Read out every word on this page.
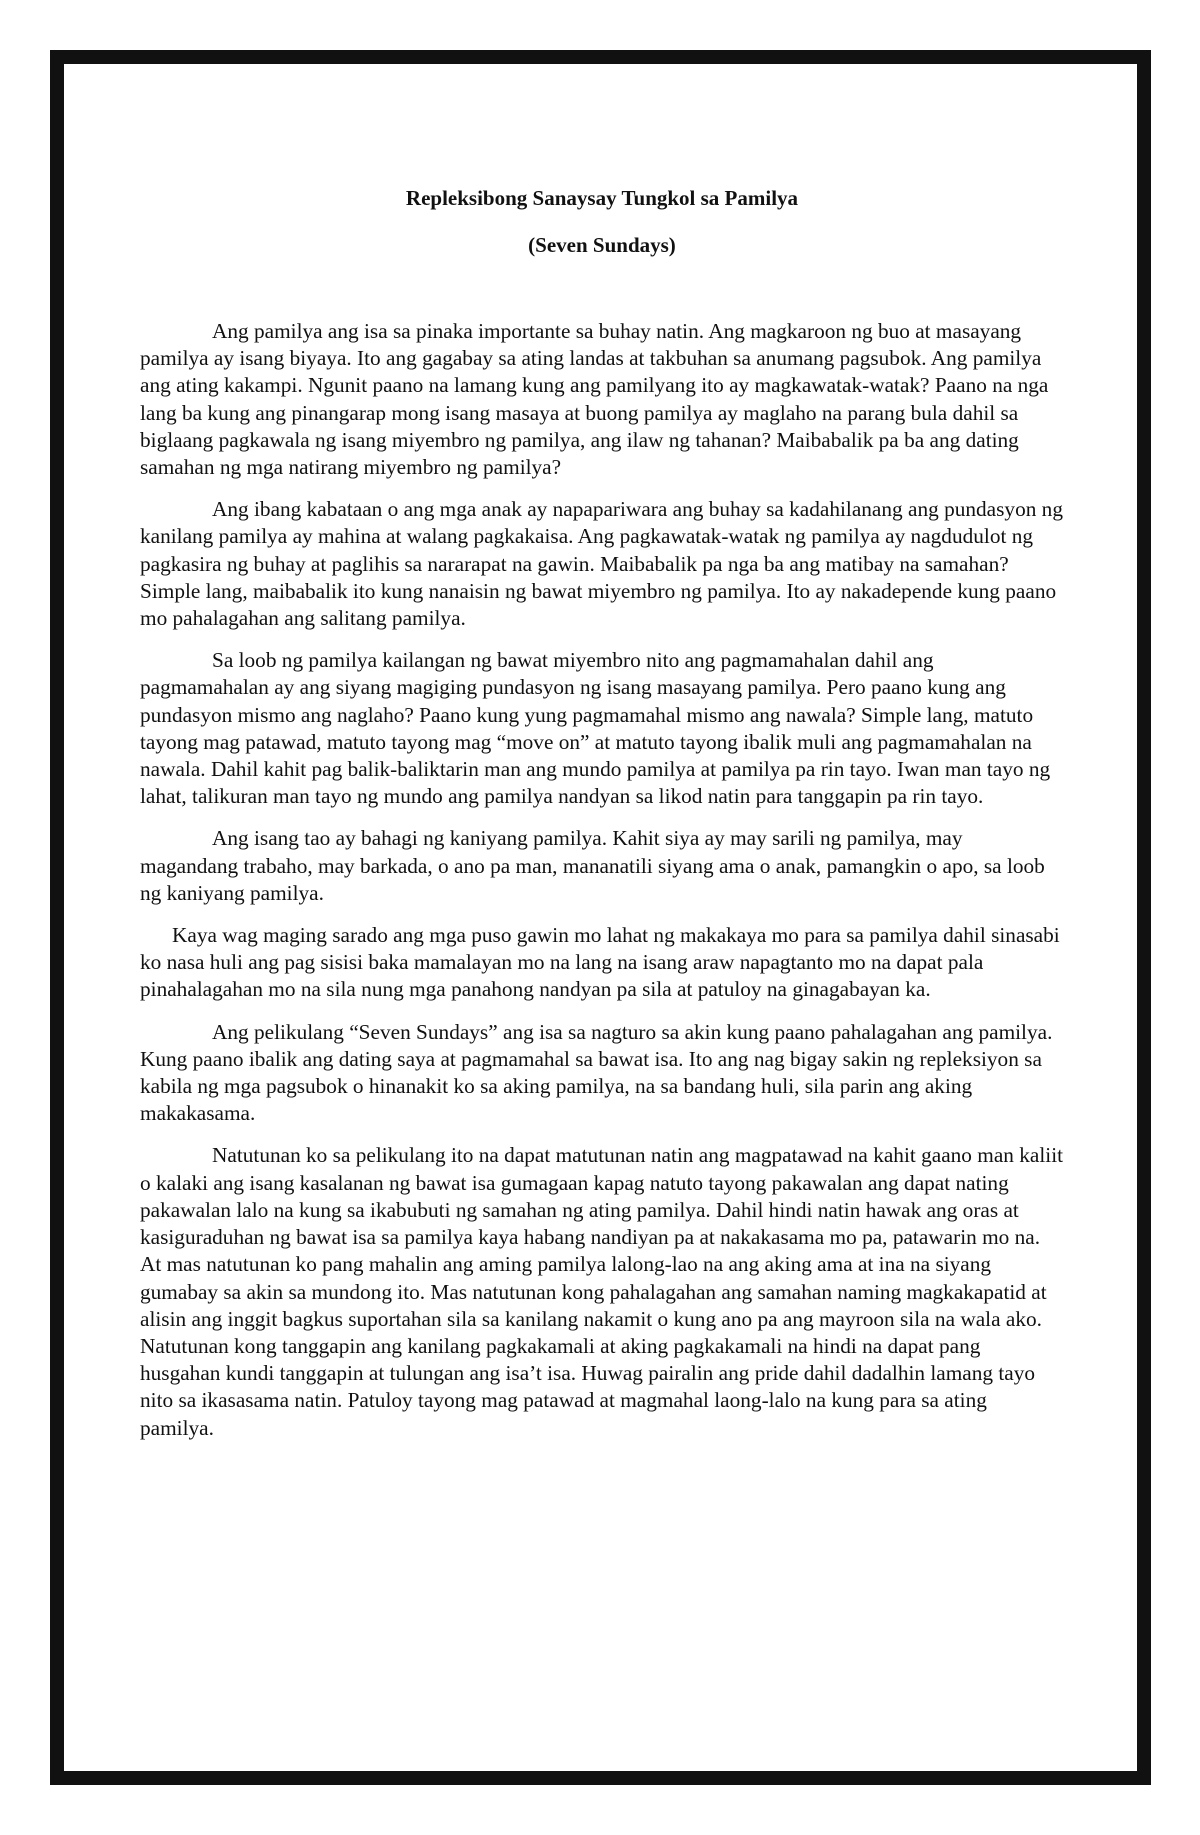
Repleksibong Sanaysay Tungkol sa Pamilya

(Seven Sundays)

Ang pamilya ang isa sa pinaka importante sa buhay natin. Ang magkaroon ng buo at masayang pamilya ay isang biyaya. Ito ang gagabay sa ating landas at takbuhan sa anumang pagsubok. Ang pamilya ang ating kakampi. Ngunit paano na lamang kung ang pamilyang ito ay magkawatak-watak? Paano na nga lang ba kung ang pinangarap mong isang masaya at buong pamilya ay maglaho na parang bula dahil sa biglaang pagkawala ng isang miyembro ng pamilya, ang ilaw ng tahanan? Maibabalik pa ba ang dating samahan ng mga natirang miyembro ng pamilya?

Ang ibang kabataan o ang mga anak ay napapariwara ang buhay sa kadahilanang ang pundasyon ng kanilang pamilya ay mahina at walang pagkakaisa. Ang pagkawatak-watak ng pamilya ay nagdudulot ng pagkasira ng buhay at paglihis sa nararapat na gawin. Maibabalik pa nga ba ang matibay na samahan? Simple lang, maibabalik ito kung nanaisin ng bawat miyembro ng pamilya. Ito ay nakadepende kung paano mo pahalagahan ang salitang pamilya.

Sa loob ng pamilya kailangan ng bawat miyembro nito ang pagmamahalan dahil ang pagmamahalan ay ang siyang magiging pundasyon ng isang masayang pamilya. Pero paano kung ang pundasyon mismo ang naglaho? Paano kung yung pagmamahal mismo ang nawala? Simple lang, matuto tayong mag patawad, matuto tayong mag “move on” at matuto tayong ibalik muli ang pagmamahalan na nawala. Dahil kahit pag balik-baliktarin man ang mundo pamilya at pamilya pa rin tayo. Iwan man tayo ng lahat, talikuran man tayo ng mundo ang pamilya nandyan sa likod natin para tanggapin pa rin tayo.

Ang isang tao ay bahagi ng kaniyang pamilya. Kahit siya ay may sarili ng pamilya, may magandang trabaho, may barkada, o ano pa man, mananatili siyang ama o anak, pamangkin o apo, sa loob ng kaniyang pamilya.

Kaya wag maging sarado ang mga puso gawin mo lahat ng makakaya mo para sa pamilya dahil sinasabi ko nasa huli ang pag sisisi baka mamalayan mo na lang na isang araw napagtanto mo na dapat pala pinahalagahan mo na sila nung mga panahong nandyan pa sila at patuloy na ginagabayan ka.

Ang pelikulang “Seven Sundays” ang isa sa nagturo sa akin kung paano pahalagahan ang pamilya. Kung paano ibalik ang dating saya at pagmamahal sa bawat isa. Ito ang nag bigay sakin ng repleksiyon sa kabila ng mga pagsubok o hinanakit ko sa aking pamilya, na sa bandang huli, sila parin ang aking makakasama.

Natutunan ko sa pelikulang ito na dapat matutunan natin ang magpatawad na kahit gaano man kaliit o kalaki ang isang kasalanan ng bawat isa gumagaan kapag natuto tayong pakawalan ang dapat nating pakawalan lalo na kung sa ikabubuti ng samahan ng ating pamilya. Dahil hindi natin hawak ang oras at kasiguraduhan ng bawat isa sa pamilya kaya habang nandiyan pa at nakakasama mo pa, patawarin mo na. At mas natutunan ko pang mahalin ang aming pamilya lalong-lao na ang aking ama at ina na siyang gumabay sa akin sa mundong ito. Mas natutunan kong pahalagahan ang samahan naming magkakapatid at alisin ang inggit bagkus suportahan sila sa kanilang nakamit o kung ano pa ang mayroon sila na wala ako. Natutunan kong tanggapin ang kanilang pagkakamali at aking pagkakamali na hindi na dapat pang husgahan kundi tanggapin at tulungan ang isa’t isa. Huwag pairalin ang pride dahil dadalhin lamang tayo nito sa ikasasama natin. Patuloy tayong mag patawad at magmahal laong-lalo na kung para sa ating pamilya.
